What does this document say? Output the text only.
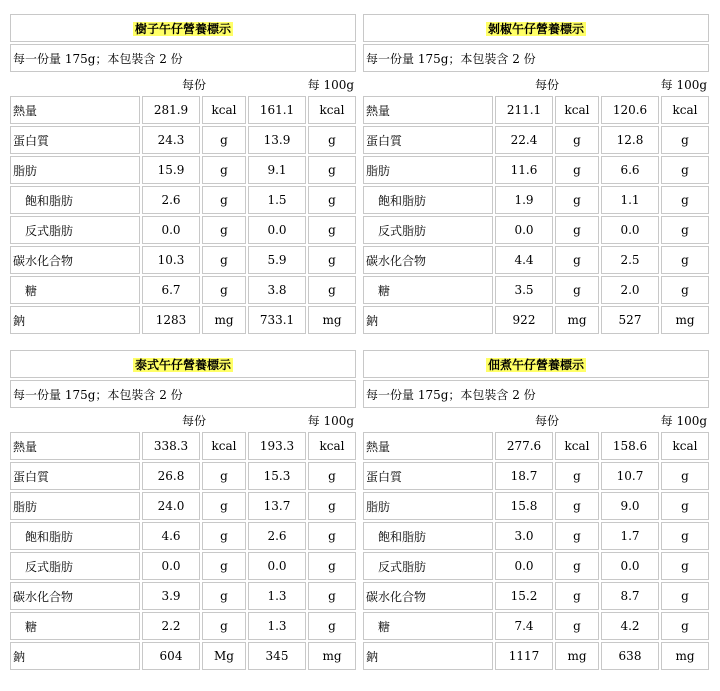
樹子午仔營養標示				
每一份量 175g；本包裝含 2 份				
	每份		每 100g	
熱量	281.9	kcal	161.1	kcal
蛋白質	24.3	g	13.9	g
脂肪	15.9	g	9.1	g
飽和脂肪	2.6	g	1.5	g
反式脂肪	0.0	g	0.0	g
碳水化合物	10.3	g	5.9	g
糖	6.7	g	3.8	g
鈉	1283	mg	733.1	mg
剝椒午仔營養標示				
每一份量 175g；本包裝含 2 份				
	每份		每 100g	
熱量	211.1	kcal	120.6	kcal
蛋白質	22.4	g	12.8	g
脂肪	11.6	g	6.6	g
飽和脂肪	1.9	g	1.1	g
反式脂肪	0.0	g	0.0	g
碳水化合物	4.4	g	2.5	g
糖	3.5	g	2.0	g
鈉	922	mg	527	mg
泰式午仔營養標示				
每一份量 175g；本包裝含 2 份				
	每份		每 100g	
熱量	338.3	kcal	193.3	kcal
蛋白質	26.8	g	15.3	g
脂肪	24.0	g	13.7	g
飽和脂肪	4.6	g	2.6	g
反式脂肪	0.0	g	0.0	g
碳水化合物	3.9	g	1.3	g
糖	2.2	g	1.3	g
鈉	604	Mg	345	mg
佃煮午仔營養標示				
每一份量 175g；本包裝含 2 份				
	每份		每 100g	
熱量	277.6	kcal	158.6	kcal
蛋白質	18.7	g	10.7	g
脂肪	15.8	g	9.0	g
飽和脂肪	3.0	g	1.7	g
反式脂肪	0.0	g	0.0	g
碳水化合物	15.2	g	8.7	g
糖	7.4	g	4.2	g
鈉	1117	mg	638	mg
